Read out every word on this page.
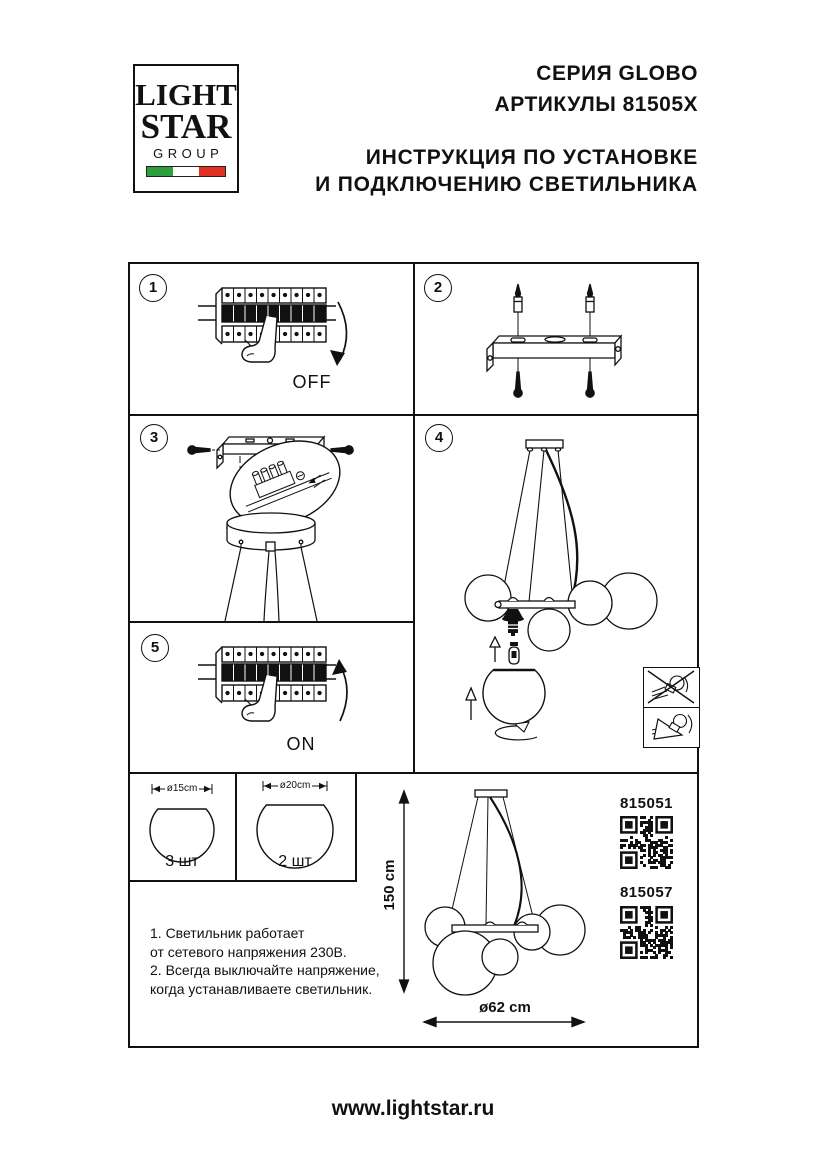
LIGHT
STAR
GROUP
СЕРИЯ GLOBO
АРТИКУЛЫ 81505X
ИНСТРУКЦИЯ ПО УСТАНОВКЕ
И ПОДКЛЮЧЕНИЮ СВЕТИЛЬНИКА
1	2
3	4
5
OFF
ON
ø15cm
3 шт
ø20cm
2 шт
1. Светильник работает
от сетевого напряжения 230В.
2. Всегда выключайте напряжение,
когда устанавливаете светильник.
150 cm
ø62 cm
815051
815057
www.lightstar.ru
